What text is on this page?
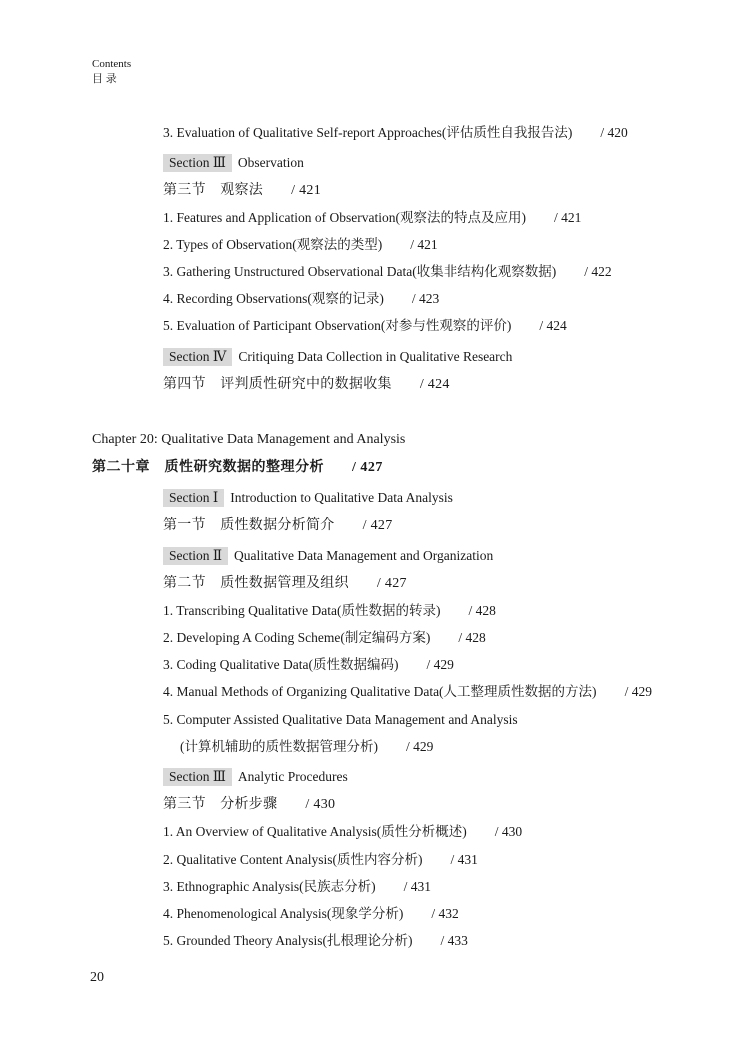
Contents
目 录
3. Evaluation of Qualitative Self-report Approaches(评估质性自我报告法) / 420
Section Ⅲ Observation
第三节　观察法 / 421
1. Features and Application of Observation(观察法的特点及应用) / 421
2. Types of Observation(观察法的类型) / 421
3. Gathering Unstructured Observational Data(收集非结构化观察数据) / 422
4. Recording Observations(观察的记录) / 423
5. Evaluation of Participant Observation(对参与性观察的评价) / 424
Section Ⅳ Critiquing Data Collection in Qualitative Research
第四节　评判质性研究中的数据收集 / 424
Chapter 20: Qualitative Data Management and Analysis
第二十章　质性研究数据的整理分析 / 427
Section Ⅰ Introduction to Qualitative Data Analysis
第一节　质性数据分析简介 / 427
Section Ⅱ Qualitative Data Management and Organization
第二节　质性数据管理及组织 / 427
1. Transcribing Qualitative Data(质性数据的转录) / 428
2. Developing A Coding Scheme(制定编码方案) / 428
3. Coding Qualitative Data(质性数据编码) / 429
4. Manual Methods of Organizing Qualitative Data(人工整理质性数据的方法) / 429
5. Computer Assisted Qualitative Data Management and Analysis
(计算机辅助的质性数据管理分析) / 429
Section Ⅲ Analytic Procedures
第三节　分析步骤 / 430
1. An Overview of Qualitative Analysis(质性分析概述) / 430
2. Qualitative Content Analysis(质性内容分析) / 431
3. Ethnographic Analysis(民族志分析) / 431
4. Phenomenological Analysis(现象学分析) / 432
5. Grounded Theory Analysis(扎根理论分析) / 433
20
